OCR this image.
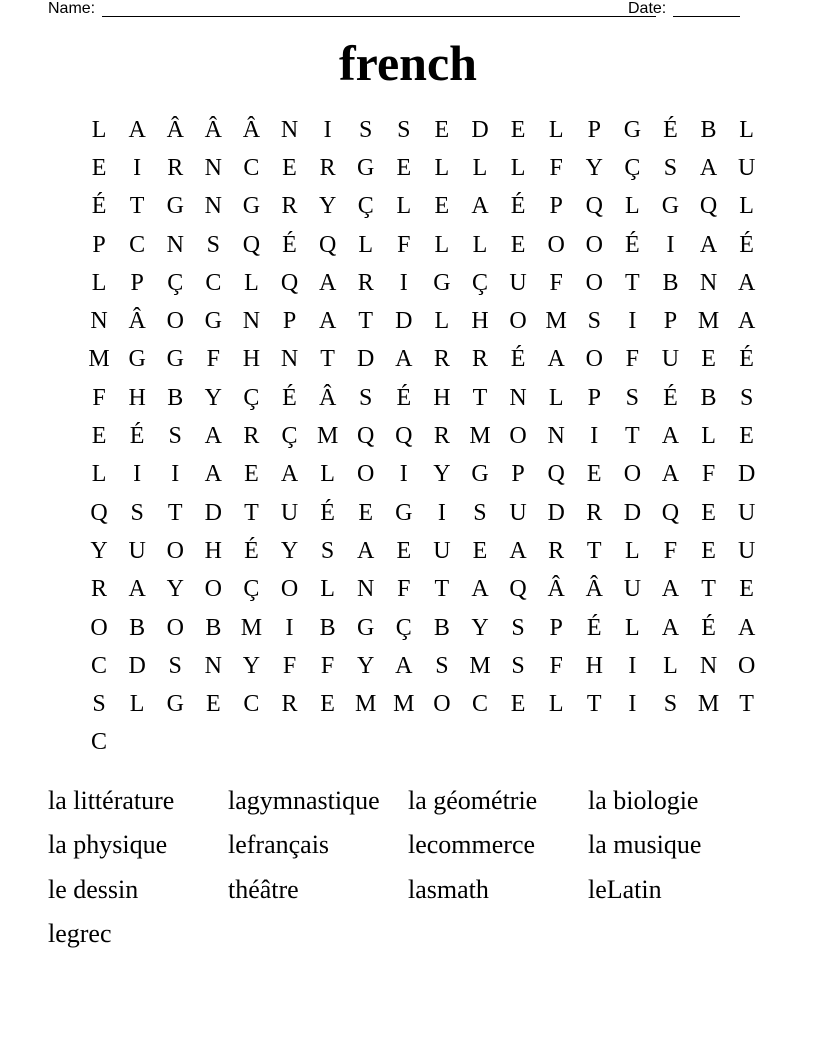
Name:	Date:
french
L A Â Â Â N	I	S	S	E D E L	P G É B L
E	I	R N C E R G E L L L	F Y Ç S A U
É T G N G R Y Ç L E A É	P Q L G Q L
P C N S Q É Q L	F	L L E O O É	I	A É
L	P Ç C L Q A R	I	G Ç U F O T B N A
N Â O G N P A T D L H O M S	I	P M A
M G G F H N T D A R R É A O F U E É
F H B Y Ç É Â S	É H T N L	P	S	É B S
E É	S A R Ç M Q Q R M O N	I	T A L E
L	I	I	A E A L O	I	Y G P Q E O A F D
Q S	T D T U É E G	I	S U D R D Q E U
Y U O H É Y S A E U E A R T L	F	E U
R A Y O Ç O L N F	T A Q Â Â U A T E
O B O B M I	B G Ç B Y S	P	É L A É A
C D S N Y F	F Y A S M S	F H	I	L N O
S	L G E C R E M M O C E L T	I	S M T
C
la littérature	lagymnastique	la géométrie	la biologie
la physique	lefrançais	lecommerce	la musique
le dessin	théâtre	lasmath	leLatin
legrec
